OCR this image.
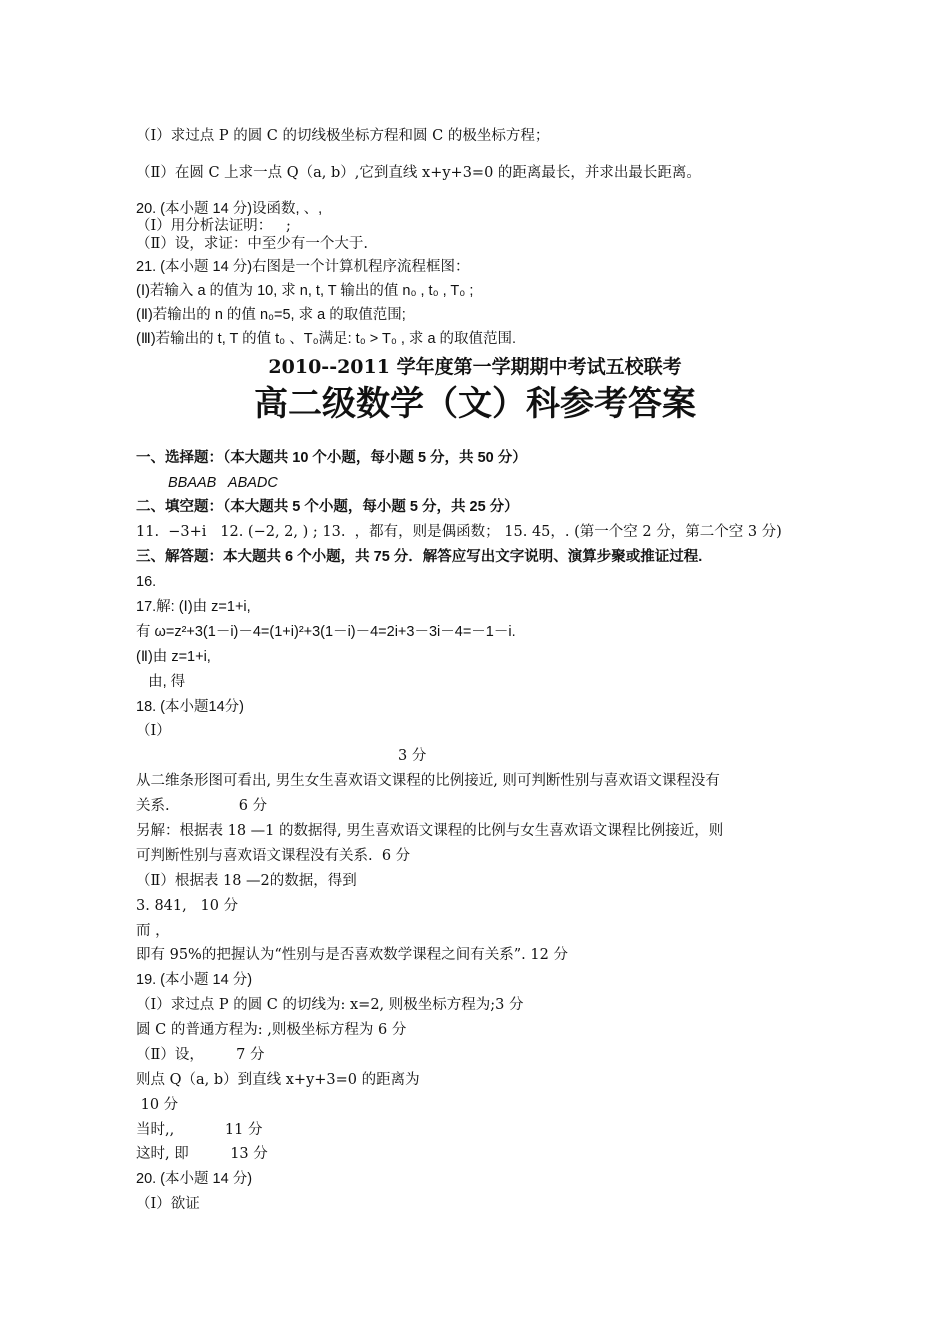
（Ⅰ）求过点 P 的圆 C 的切线极坐标方程和圆 C 的极坐标方程；
（Ⅱ）在圆 C 上求一点 Q（a, b）,它到直线 x+y+3=0 的距离最长，并求出最长距离。
20. (本小题 14 分)设函数, 、,
（Ⅰ）用分析法证明：   ;
（Ⅱ）设，求证：中至少有一个大于.
21. (本小题 14 分)右图是一个计算机程序流程框图：
(Ⅰ)若输入 a 的值为 10, 求 n, t, T 输出的值 n₀ , t₀ , T₀ ;
(Ⅱ)若输出的 n 的值 n₀=5, 求 a 的取值范围;
(Ⅲ)若输出的 t, T 的值 t₀ 、T₀满足: t₀ > T₀ , 求 a 的取值范围.
2010--2011 学年度第一学期期中考试五校联考
高二级数学（文）科参考答案
一、选择题：（本大题共 10 个小题，每小题 5 分，共 50 分）
BBAAB   ABADC
二、填空题：（本大题共 5 个小题，每小题 5 分，共 25 分）
11.  −3+i   12. (−2, 2, ) ; 13.  ，都有，则是偶函数； 15. 45，. (第一个空 2 分，第二个空 3 分)
三、解答题：本大题共 6 个小题，共 75 分．解答应写出文字说明、演算步聚或推证过程.
16.
17.解: (Ⅰ)由 z=1+i,
有 ω=z²+3(1－i)－4=(1+i)²+3(1－i)－4=2i+3－3i－4=－1－i.
(Ⅱ)由 z=1+i,
由, 得
18. (本小题14分)
（Ⅰ）
3 分
从二维条形图可看出, 男生女生喜欢语文课程的比例接近, 则可判断性别与喜欢语文课程没有
关系.               6 分
另解：根据表 18 —1 的数据得, 男生喜欢语文课程的比例与女生喜欢语文课程比例接近，则
可判断性别与喜欢语文课程没有关系.  6 分
（Ⅱ）根据表 18 —2的数据，得到
3. 841,   10 分
而 ，
即有 95%的把握认为“性别与是否喜欢数学课程之间有关系”. 12 分
19. (本小题 14 分)
（Ⅰ）求过点 P 的圆 C 的切线为: x=2, 则极坐标方程为;3 分
圆 C 的普通方程为: ,则极坐标方程为 6 分
（Ⅱ）设，       7 分
则点 Q（a, b）到直线 x+y+3=0 的距离为
10 分
当时,,           11 分
这时, 即         13 分
20. (本小题 14 分)
（Ⅰ）欲证
